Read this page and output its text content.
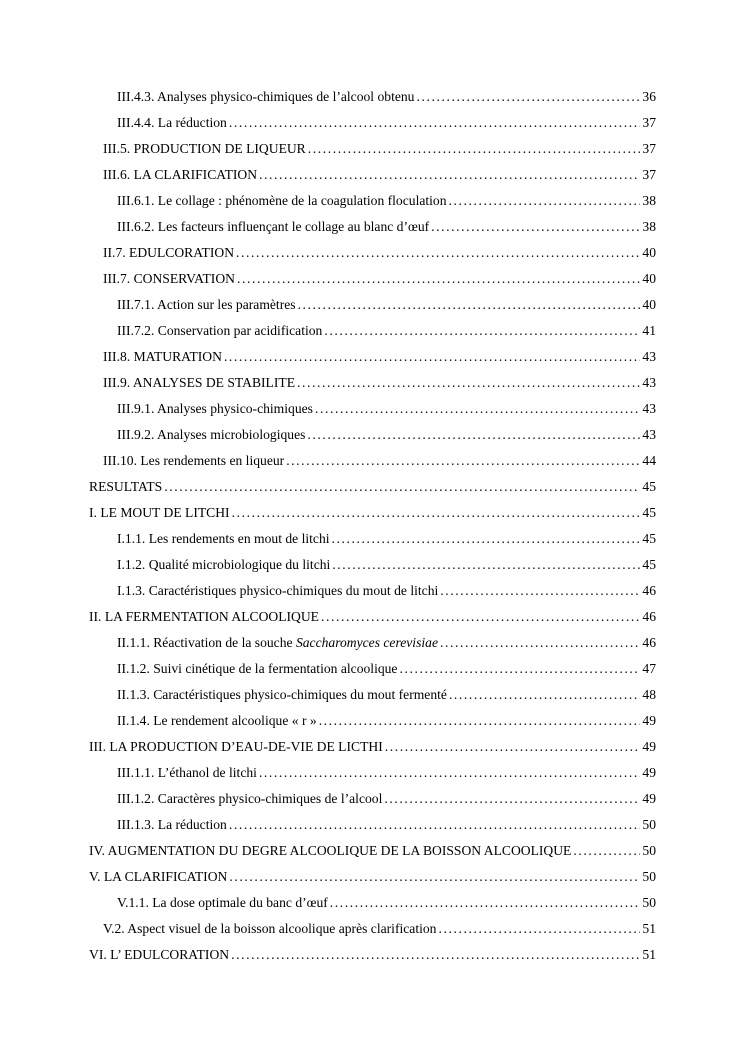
III.4.3. Analyses physico-chimiques de l’alcool obtenu .....	36
III.4.4. La réduction .....	37
III.5. PRODUCTION DE LIQUEUR .....	37
III.6. LA CLARIFICATION .....	37
III.6.1. Le collage : phénomène de la coagulation floculation .....	38
III.6.2. Les facteurs influençant le collage au blanc d’œuf .....	38
II.7. EDULCORATION .....	40
III.7. CONSERVATION .....	40
III.7.1. Action sur les paramètres .....	40
III.7.2. Conservation par acidification .....	41
III.8. MATURATION .....	43
III.9. ANALYSES DE STABILITE .....	43
III.9.1. Analyses physico-chimiques .....	43
III.9.2. Analyses microbiologiques .....	43
III.10. Les rendements en liqueur .....	44
RESULTATS .....	45
I. LE MOUT DE LITCHI .....	45
I.1.1. Les rendements en mout de litchi .....	45
I.1.2. Qualité microbiologique du litchi .....	45
I.1.3. Caractéristiques physico-chimiques du mout de litchi .....	46
II. LA FERMENTATION ALCOOLIQUE .....	46
II.1.1. Réactivation de la souche Saccharomyces cerevisiae .....	46
II.1.2. Suivi cinétique de la fermentation alcoolique .....	47
II.1.3. Caractéristiques physico-chimiques du mout fermenté .....	48
II.1.4. Le rendement alcoolique « r » .....	49
III. LA PRODUCTION D’EAU-DE-VIE DE LICTHI .....	49
III.1.1. L’éthanol de litchi .....	49
III.1.2. Caractères physico-chimiques de l’alcool .....	49
III.1.3. La réduction .....	50
IV. AUGMENTATION DU DEGRE ALCOOLIQUE DE LA BOISSON ALCOOLIQUE .....	50
V. LA CLARIFICATION .....	50
V.1.1. La dose optimale du banc d’œuf .....	50
V.2. Aspect visuel de la boisson alcoolique après clarification .....	51
VI. L’ EDULCORATION .....	51
